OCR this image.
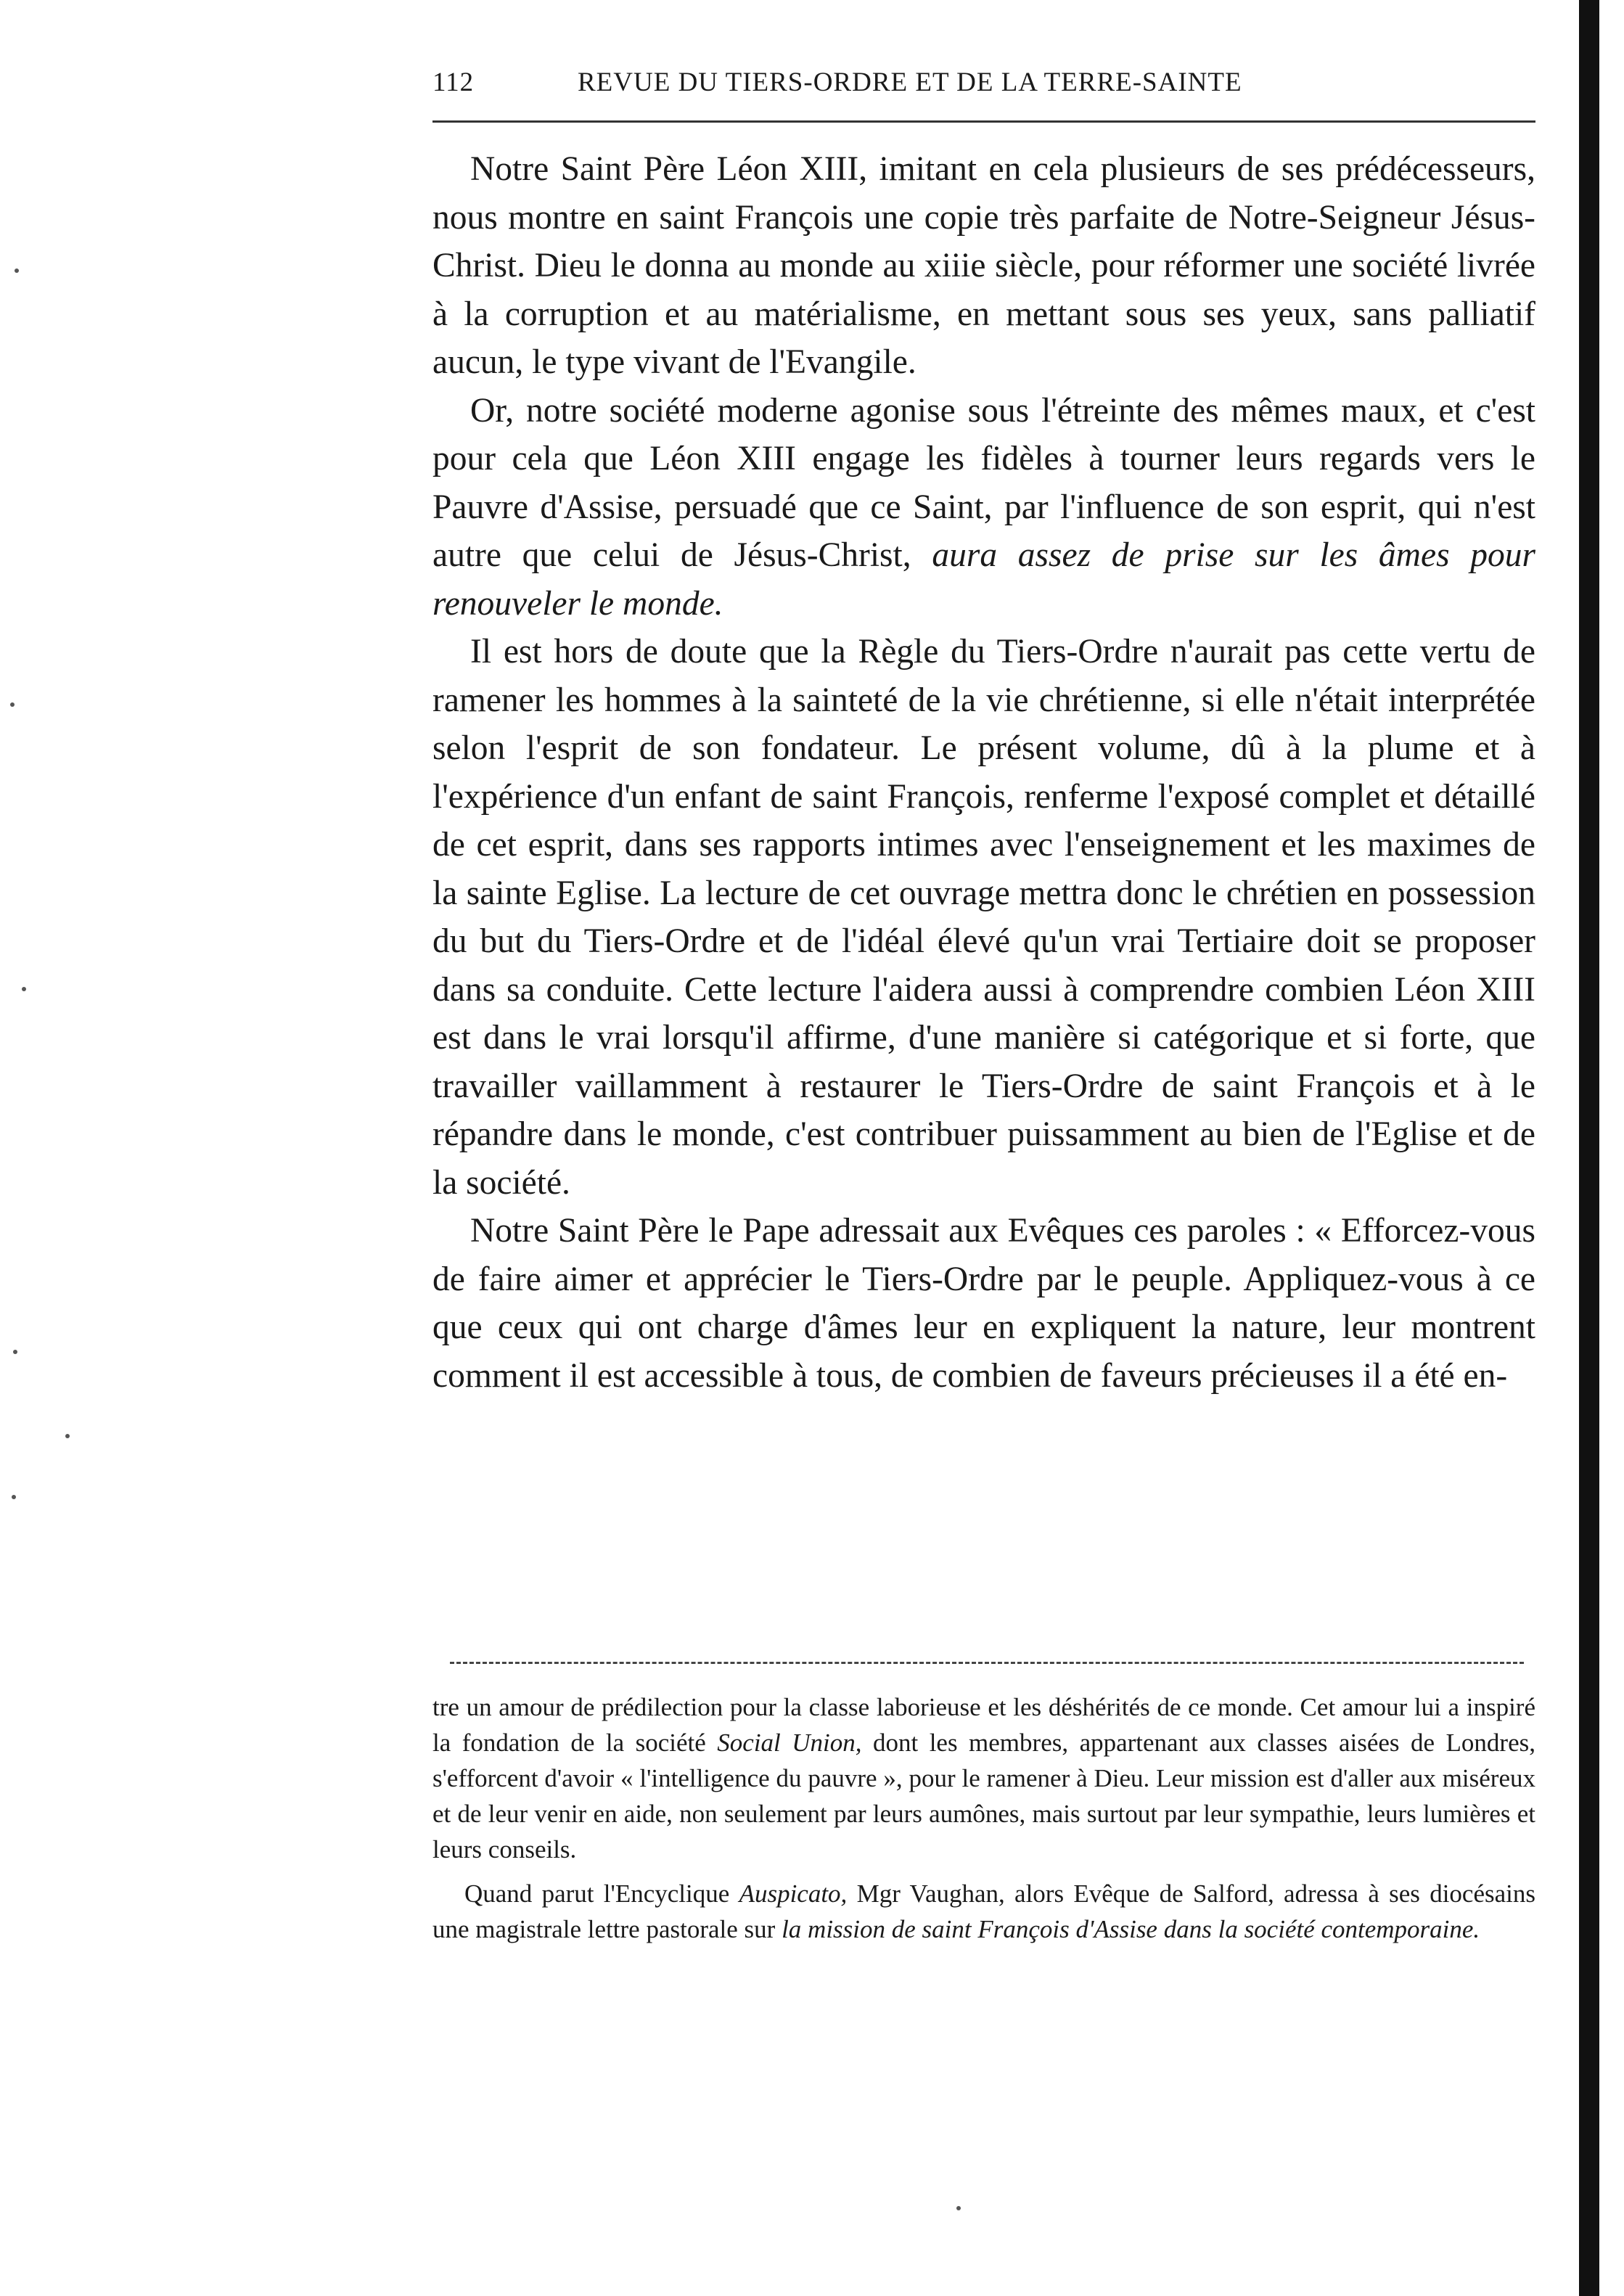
112	REVUE DU TIERS-ORDRE ET DE LA TERRE-SAINTE

Notre Saint Père Léon XIII, imitant en cela plusieurs de ses prédécesseurs, nous montre en saint François une copie très parfaite de Notre-Seigneur Jésus-Christ. Dieu le donna au monde au xiiie siècle, pour réformer une société livrée à la corruption et au matérialisme, en mettant sous ses yeux, sans palliatif aucun, le type vivant de l'Evangile.

Or, notre société moderne agonise sous l'étreinte des mêmes maux, et c'est pour cela que Léon XIII engage les fidèles à tourner leurs regards vers le Pauvre d'Assise, persuadé que ce Saint, par l'influence de son esprit, qui n'est autre que celui de Jésus-Christ, aura assez de prise sur les âmes pour renouveler le monde.

Il est hors de doute que la Règle du Tiers-Ordre n'aurait pas cette vertu de ramener les hommes à la sainteté de la vie chrétienne, si elle n'était interprétée selon l'esprit de son fondateur. Le présent volume, dû à la plume et à l'expérience d'un enfant de saint François, renferme l'exposé complet et détaillé de cet esprit, dans ses rapports intimes avec l'enseignement et les maximes de la sainte Eglise. La lecture de cet ouvrage mettra donc le chrétien en possession du but du Tiers-Ordre et de l'idéal élevé qu'un vrai Tertiaire doit se proposer dans sa conduite. Cette lecture l'aidera aussi à comprendre combien Léon XIII est dans le vrai lorsqu'il affirme, d'une manière si catégorique et si forte, que travailler vaillamment à restaurer le Tiers-Ordre de saint François et à le répandre dans le monde, c'est contribuer puissamment au bien de l'Eglise et de la société.

Notre Saint Père le Pape adressait aux Evêques ces paroles : « Efforcez-vous de faire aimer et apprécier le Tiers-Ordre par le peuple. Appliquez-vous à ce que ceux qui ont charge d'âmes leur en expliquent la nature, leur montrent comment il est accessible à tous, de combien de faveurs précieuses il a été en-

tre un amour de prédilection pour la classe laborieuse et les déshérités de ce monde. Cet amour lui a inspiré la fondation de la société Social Union, dont les membres, appartenant aux classes aisées de Londres, s'efforcent d'avoir « l'intelligence du pauvre », pour le ramener à Dieu. Leur mission est d'aller aux miséreux et de leur venir en aide, non seulement par leurs aumônes, mais surtout par leur sympathie, leurs lumières et leurs conseils.

Quand parut l'Encyclique Auspicato, Mgr Vaughan, alors Evêque de Salford, adressa à ses diocésains une magistrale lettre pastorale sur la mission de saint François d'Assise dans la société contemporaine.
